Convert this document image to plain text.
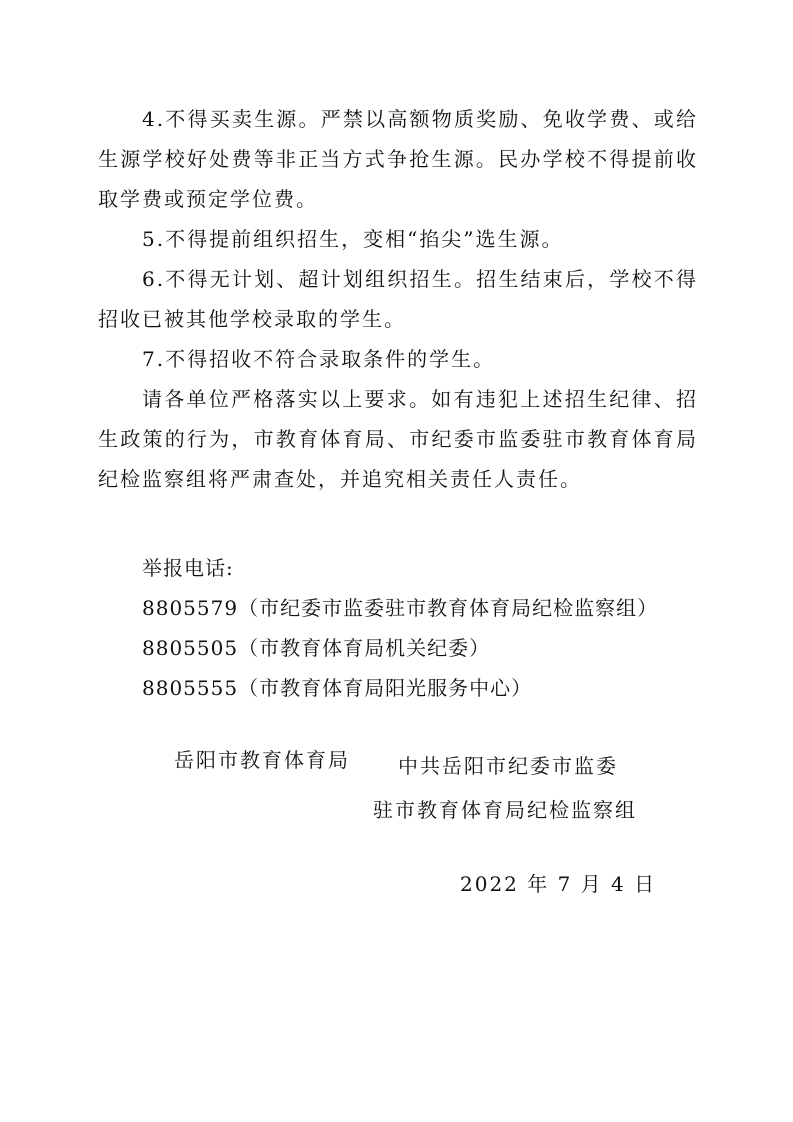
4.不得买卖生源。严禁以高额物质奖励、免收学费、或给生源学校好处费等非正当方式争抢生源。民办学校不得提前收取学费或预定学位费。

5.不得提前组织招生，变相“掐尖”选生源。

6.不得无计划、超计划组织招生。招生结束后，学校不得招收已被其他学校录取的学生。

7.不得招收不符合录取条件的学生。

请各单位严格落实以上要求。如有违犯上述招生纪律、招生政策的行为，市教育体育局、市纪委市监委驻市教育体育局纪检监察组将严肃查处，并追究相关责任人责任。

举报电话:

8805579（市纪委市监委驻市教育体育局纪检监察组）

8805505（市教育体育局机关纪委）

8805555（市教育体育局阳光服务中心）

岳阳市教育体育局	中共岳阳市纪委市监委
驻市教育体育局纪检监察组
2022 年 7 月 4 日
